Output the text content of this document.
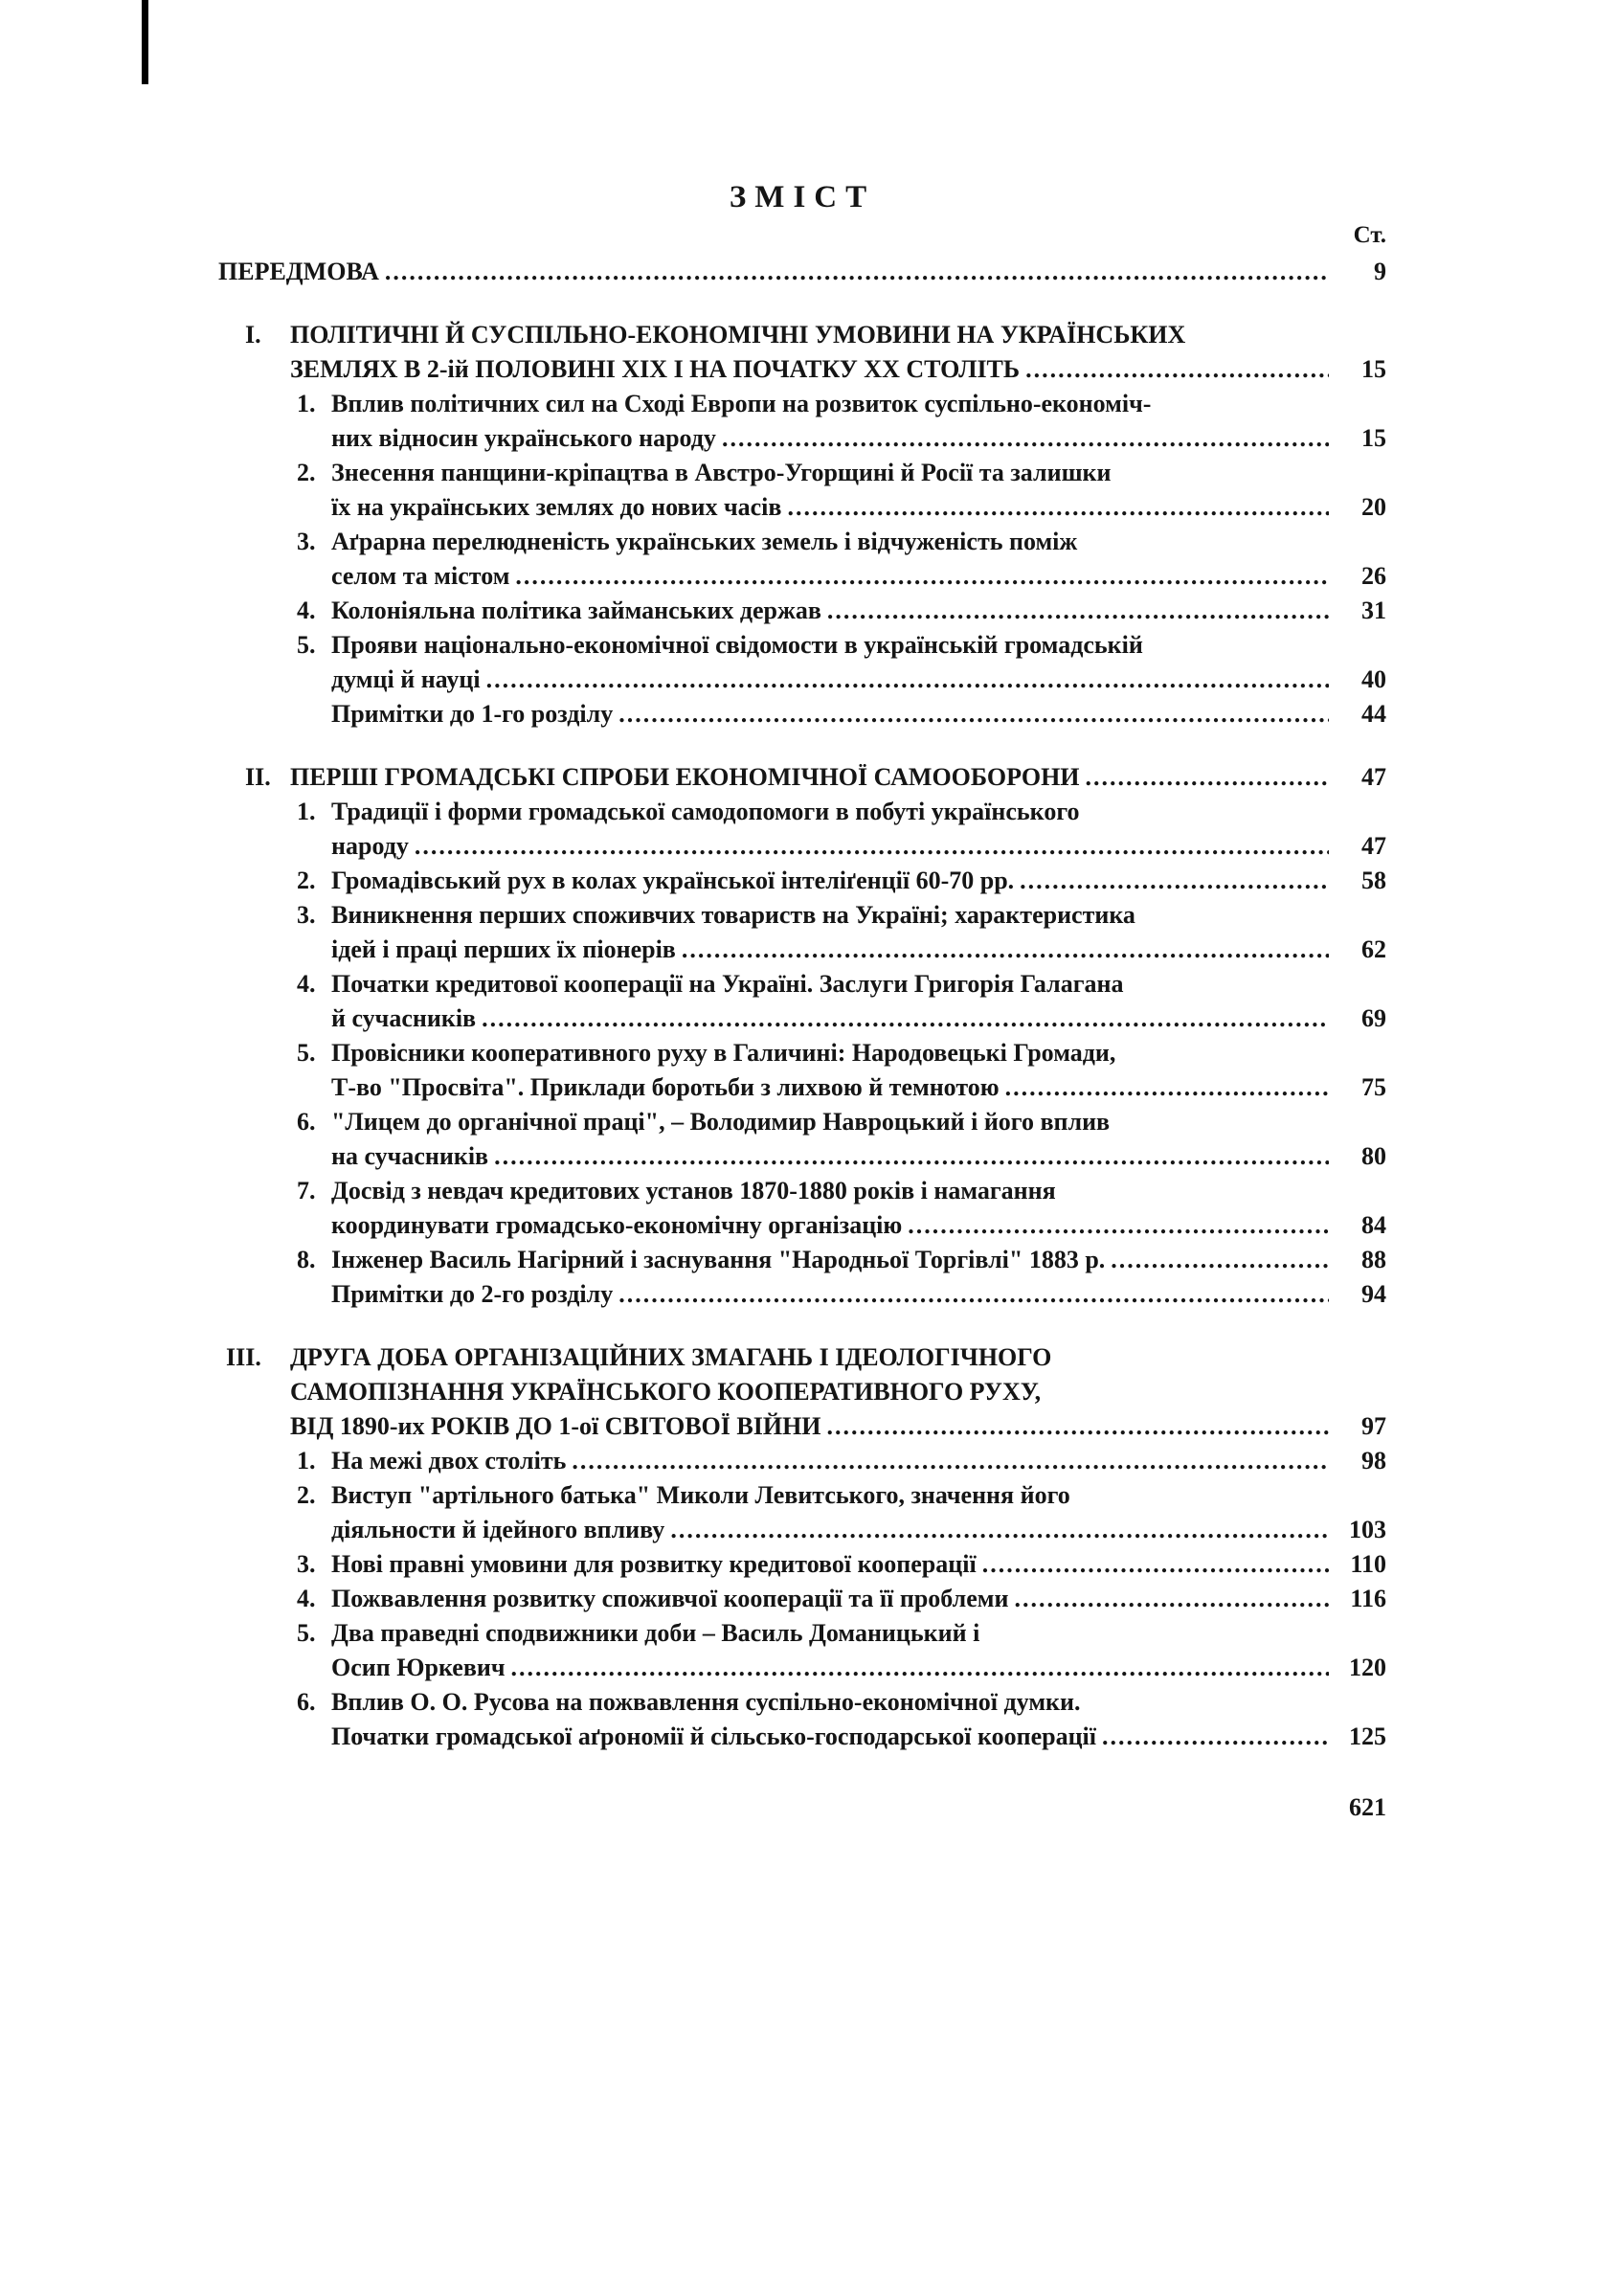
ЗМІСТ
Ст.
ПЕРЕДМОВА .....	9
I.	ПОЛІТИЧНІ Й СУСПІЛЬНО-ЕКОНОМІЧНІ УМОВИНИ НА УКРАЇНСЬКИХ
ЗЕМЛЯХ В 2-ій ПОЛОВИНІ XIX І НА ПОЧАТКУ XX СТОЛІТЬ .....	15
1. Вплив політичних сил на Сході Европи на розвиток суспільно-економіч-
них відносин українського народу .....	15
2. Знесення панщини-кріпацтва в Австро-Угорщині й Росії та залишки
їх на українських землях до нових часів .....	20
3. Аґрарна перелюдненість українських земель і відчуженість поміж
селом та містом .....	26
4. Колоніяльна політика займанських держав .....	31
5. Прояви національно-економічної свідомости в українській громадській
думці й науці .....	40
Примітки до 1-го розділу .....	44
II. ПЕРШІ ГРОМАДСЬКІ СПРОБИ ЕКОНОМІЧНОЇ САМООБОРОНИ .....	47
1. Традиції і форми громадської самодопомоги в побуті українського
народу .....	47
2. Громадівський рух в колах української інтеліґенції 60-70 рр. .....	58
3. Виникнення перших споживчих товариств на Україні; характеристика
ідей і праці перших їх піонерів .....	62
4. Початки кредитової кооперації на Україні. Заслуги Григорія Галагана
й сучасників .....	69
5. Провісники кооперативного руху в Галичині: Народовецькі Громади,
Т-во "Просвіта". Приклади боротьби з лихвою й темнотою .....	75
6. "Лицем до органічної праці", – Володимир Навроцький і його вплив
на сучасників .....	80
7. Досвід з невдач кредитових установ 1870-1880 років і намагання
координувати громадсько-економічну організацію .....	84
8. Інженер Василь Нагірний і заснування "Народньої Торгівлі" 1883 р. .....	88
Примітки до 2-го розділу .....	94
III.	ДРУГА ДОБА ОРГАНІЗАЦІЙНИХ ЗМАГАНЬ І ІДЕОЛОГІЧНОГО
САМОПІЗНАННЯ УКРАЇНСЬКОГО КООПЕРАТИВНОГО РУХУ,
ВІД 1890-их РОКІВ ДО 1-ої СВІТОВОЇ ВІЙНИ .....	97
1. На межі двох століть .....	98
2. Виступ "артільного батька" Миколи Левитського, значення його
діяльности й ідейного впливу .....	103
3. Нові правні умовини для розвитку кредитової кооперації .....	110
4. Пожвавлення розвитку споживчої кооперації та її проблеми .....	116
5. Два праведні сподвижники доби – Василь Доманицький і
Осип Юркевич .....	120
6. Вплив О. О. Русова на пожвавлення суспільно-економічної думки.
Початки громадської аґрономії й сільсько-господарської кооперації .....	125
621
